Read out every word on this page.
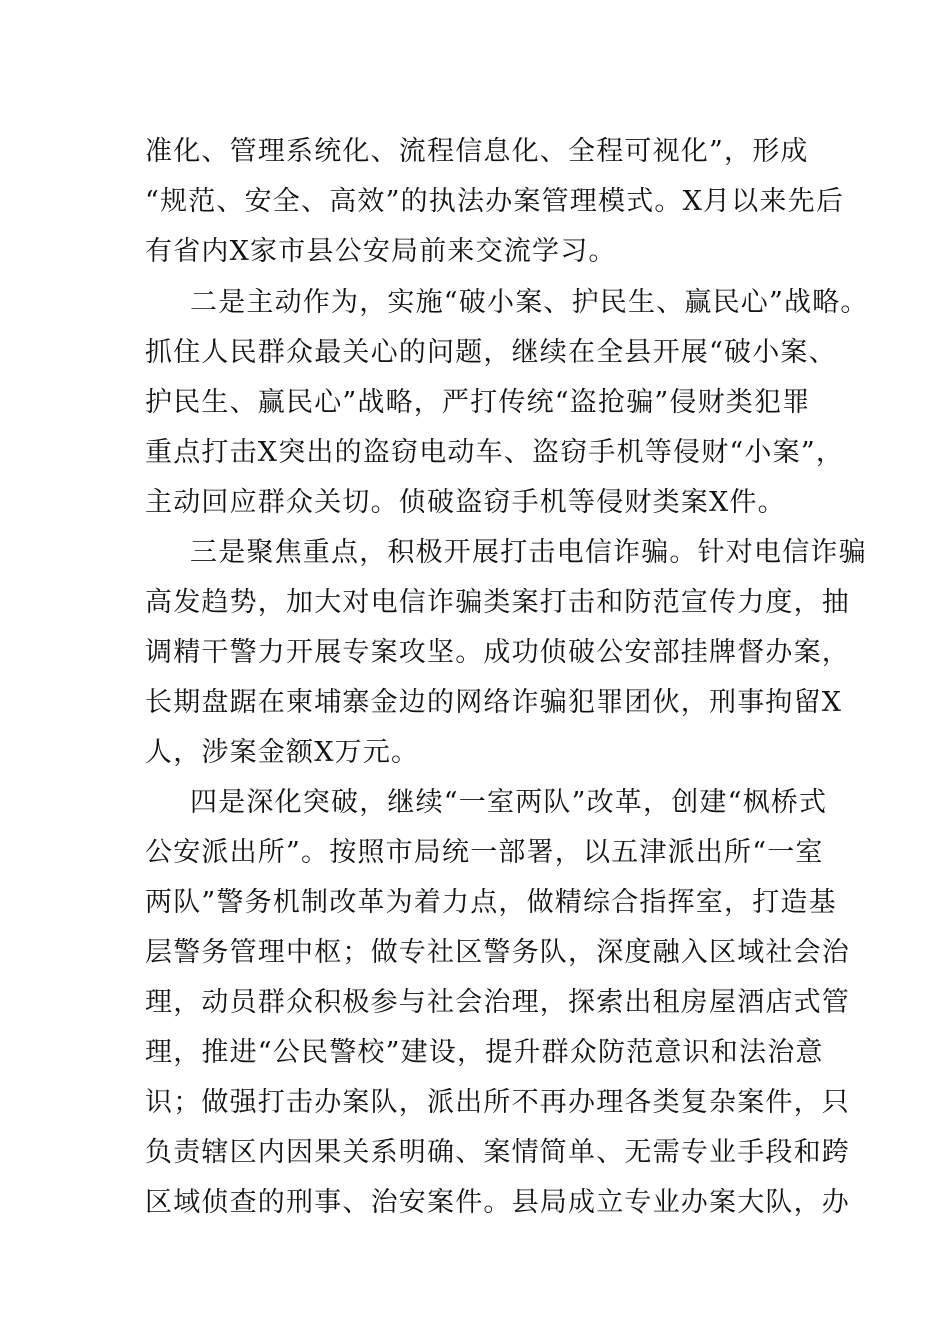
准化、管理系统化、流程信息化、全程可视化”，形成
“规范、安全、高效”的执法办案管理模式。X月以来先后
有省内X家市县公安局前来交流学习。
二是主动作为，实施“破小案、护民生、赢民心”战略。
抓住人民群众最关心的问题，继续在全县开展“破小案、
护民生、赢民心”战略，严打传统“盗抢骗”侵财类犯罪
重点打击X突出的盗窃电动车、盗窃手机等侵财“小案”，
主动回应群众关切。侦破盗窃手机等侵财类案X件。
三是聚焦重点，积极开展打击电信诈骗。针对电信诈骗
高发趋势，加大对电信诈骗类案打击和防范宣传力度，抽
调精干警力开展专案攻坚。成功侦破公安部挂牌督办案，
长期盘踞在柬埔寨金边的网络诈骗犯罪团伙，刑事拘留X
人，涉案金额X万元。
四是深化突破，继续“一室两队”改革，创建“枫桥式
公安派出所”。按照市局统一部署，以五津派出所“一室
两队”警务机制改革为着力点，做精综合指挥室，打造基
层警务管理中枢；做专社区警务队，深度融入区域社会治
理，动员群众积极参与社会治理，探索出租房屋酒店式管
理，推进“公民警校”建设，提升群众防范意识和法治意
识；做强打击办案队，派出所不再办理各类复杂案件，只
负责辖区内因果关系明确、案情简单、无需专业手段和跨
区域侦查的刑事、治安案件。县局成立专业办案大队，办
